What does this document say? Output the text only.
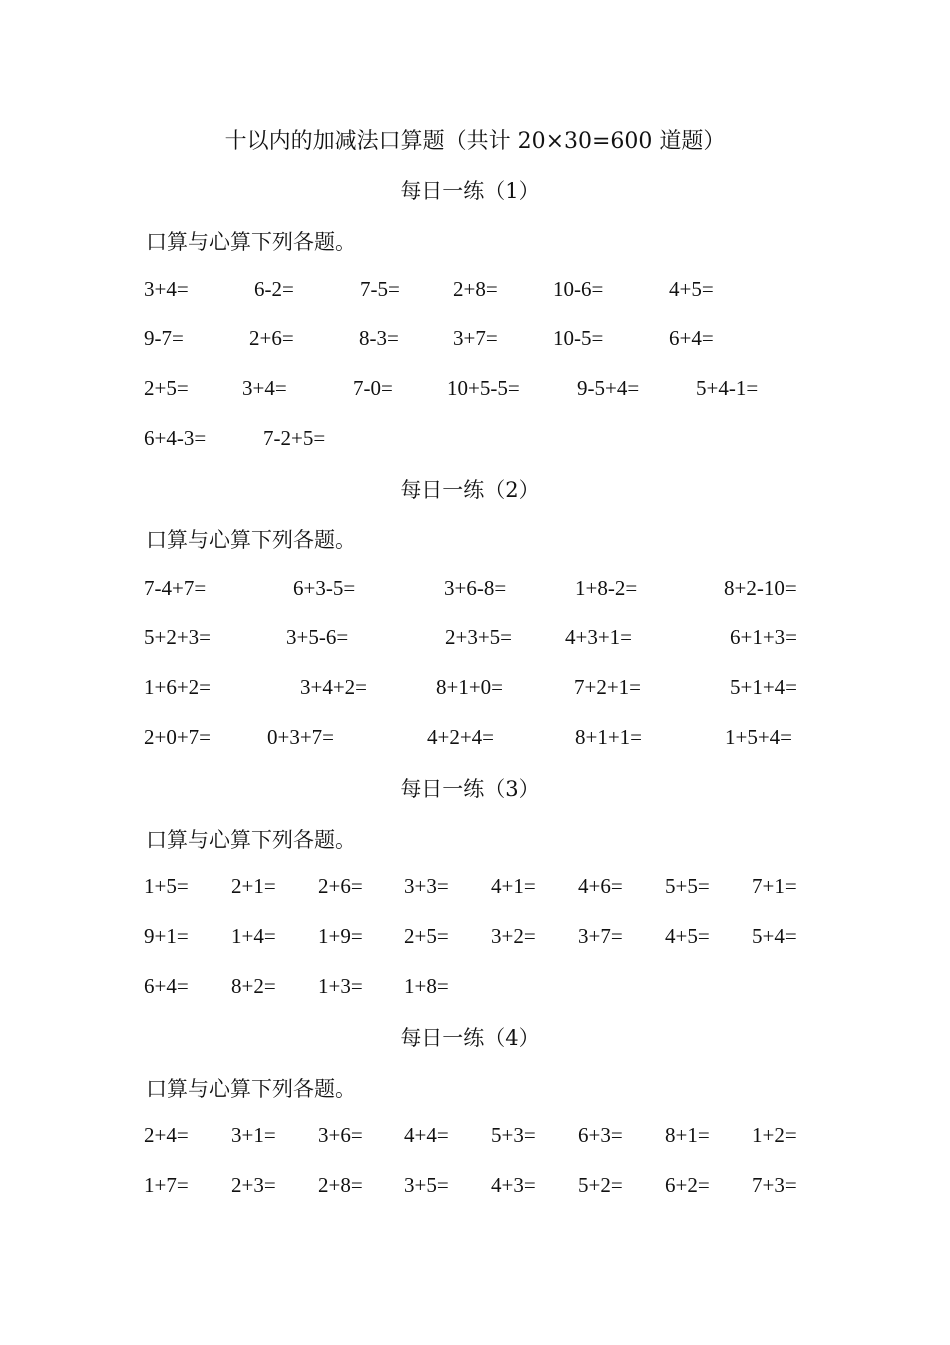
十以内的加减法口算题（共计 20×30=600 道题）
每日一练（1）
口算与心算下列各题。
3+4=	6-2=	7-5=	2+8=	10-6=	4+5=
9-7=	2+6=	8-3=	3+7=	10-5=	6+4=
2+5=	3+4=	7-0=	10+5-5=	9-5+4=	5+4-1=
6+4-3=	7-2+5=
每日一练（2）
口算与心算下列各题。
7-4+7=	6+3-5=	3+6-8=	1+8-2=	8+2-10=
5+2+3=	3+5-6=	2+3+5=	4+3+1=	6+1+3=
1+6+2=	3+4+2=	8+1+0=	7+2+1=	5+1+4=
2+0+7=	0+3+7=	4+2+4=	8+1+1=	1+5+4=
每日一练（3）
口算与心算下列各题。
1+5= 2+1= 2+6= 3+3= 4+1= 4+6= 5+5= 7+1=
9+1= 1+4= 1+9= 2+5= 3+2= 3+7= 4+5= 5+4=
6+4= 8+2= 1+3= 1+8=
每日一练（4）
口算与心算下列各题。
2+4= 3+1= 3+6= 4+4= 5+3= 6+3= 8+1= 1+2=
1+7= 2+3= 2+8= 3+5= 4+3= 5+2= 6+2= 7+3=
